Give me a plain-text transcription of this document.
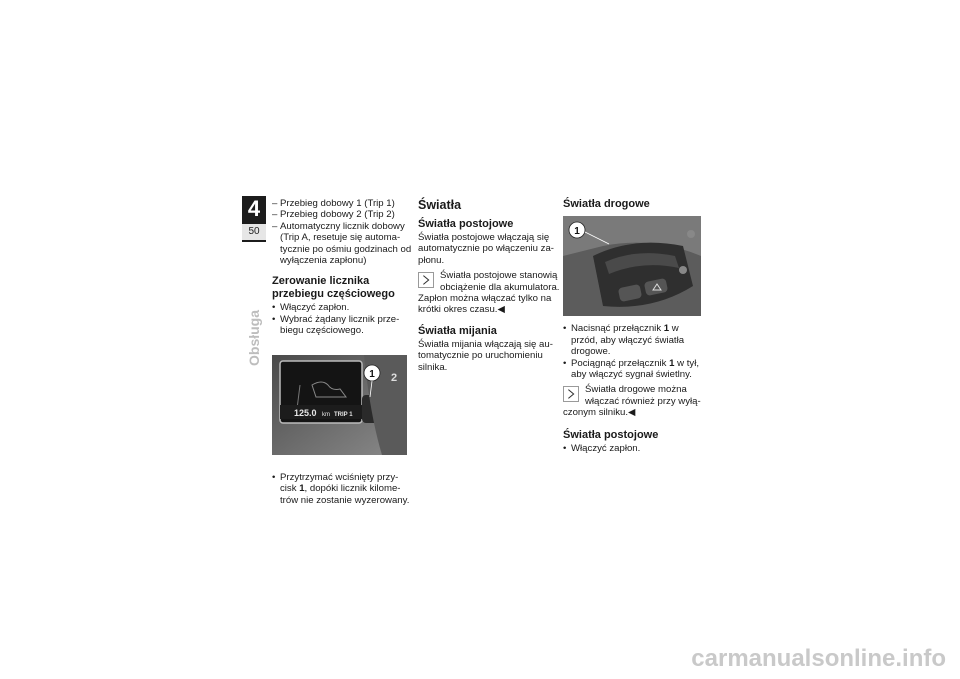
4
50
Obsługa
– Przebieg dobowy 1 (Trip 1)
– Przebieg dobowy 2 (Trip 2)
– Automatyczny licznik dobowy
(Trip A, resetuje się automa-
tycznie po ośmiu godzinach od
wyłączenia zapłonu)
Zerowanie licznika
przebiegu częściowego
• Włączyć zapłon.
• Wybrać żądany licznik prze-
biegu częściowego.
1 2
125.0 km TRIP 1
• Przytrzymać wciśnięty przy-
cisk 1, dopóki licznik kilome-
trów nie zostanie wyzerowany.
Światła
Światła postojowe
Światła postojowe włączają się
automatycznie po włączeniu za-
płonu.
Światła postojowe stanowią
obciążenie dla akumulatora.
Zapłon można włączać tylko na
krótki okres czasu.◀
Światła mijania
Światła mijania włączają się au-
tomatycznie po uruchomieniu
silnika.
Światła drogowe
1
• Nacisnąć przełącznik 1 w
przód, aby włączyć światła
drogowe.
• Pociągnąć przełącznik 1 w tył,
aby włączyć sygnał świetlny.
Światła drogowe można
włączać również przy wyłą-
czonym silniku.◀
Światła postojowe
• Włączyć zapłon.
carmanualsonline.info
